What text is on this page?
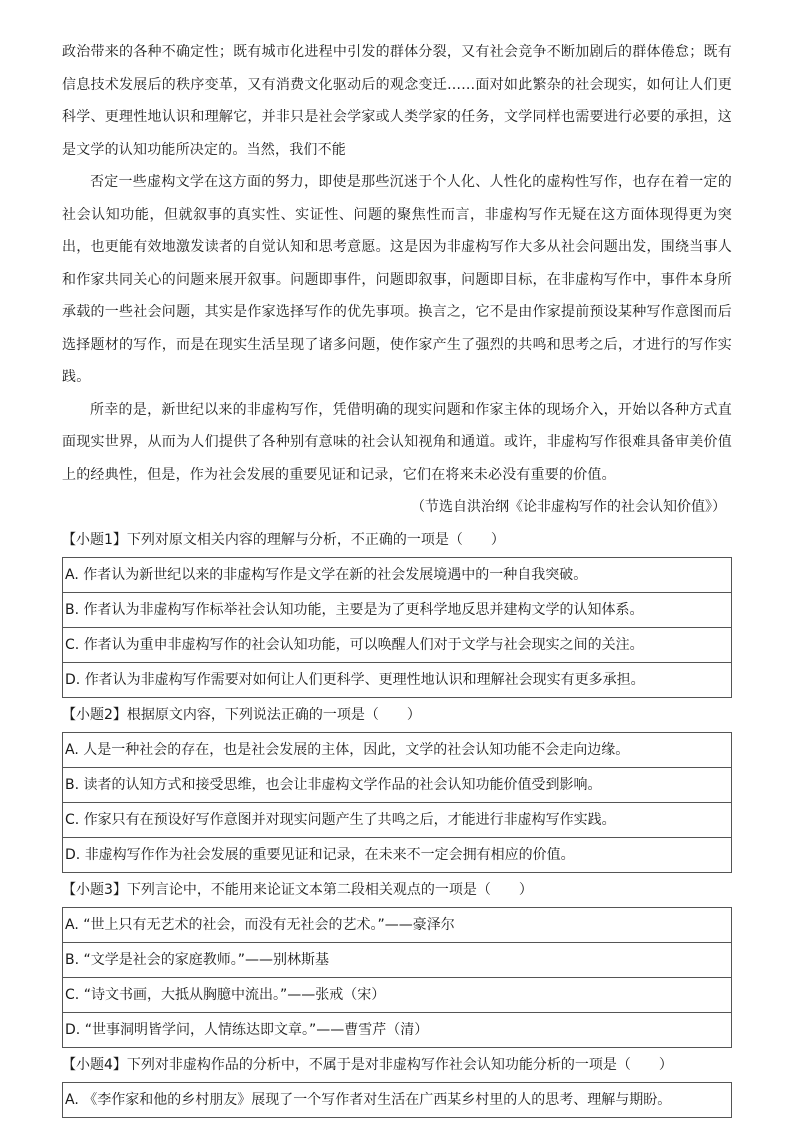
政治带来的各种不确定性；既有城市化进程中引发的群体分裂，又有社会竞争不断加剧后的群体倦怠；既有信息技术发展后的秩序变革，又有消费文化驱动后的观念变迁……面对如此繁杂的社会现实，如何让人们更科学、更理性地认识和理解它，并非只是社会学家或人类学家的任务，文学同样也需要进行必要的承担，这是文学的认知功能所决定的。当然，我们不能

否定一些虚构文学在这方面的努力，即使是那些沉迷于个人化、人性化的虚构性写作，也存在着一定的社会认知功能，但就叙事的真实性、实证性、问题的聚焦性而言，非虚构写作无疑在这方面体现得更为突出，也更能有效地激发读者的自觉认知和思考意愿。这是因为非虚构写作大多从社会问题出发，围绕当事人和作家共同关心的问题来展开叙事。问题即事件，问题即叙事，问题即目标，在非虚构写作中，事件本身所承载的一些社会问题，其实是作家选择写作的优先事项。换言之，它不是由作家提前预设某种写作意图而后选择题材的写作，而是在现实生活呈现了诸多问题，使作家产生了强烈的共鸣和思考之后，才进行的写作实践。

所幸的是，新世纪以来的非虚构写作，凭借明确的现实问题和作家主体的现场介入，开始以各种方式直面现实世界，从而为人们提供了各种别有意味的社会认知视角和通道。或许，非虚构写作很难具备审美价值上的经典性，但是，作为社会发展的重要见证和记录，它们在将来未必没有重要的价值。

（节选自洪治纲《论非虚构写作的社会认知价值》）

【小题1】下列对原文相关内容的理解与分析，不正确的一项是（　　）

A. 作者认为新世纪以来的非虚构写作是文学在新的社会发展境遇中的一种自我突破。
B. 作者认为非虚构写作标举社会认知功能，主要是为了更科学地反思并建构文学的认知体系。
C. 作者认为重申非虚构写作的社会认知功能，可以唤醒人们对于文学与社会现实之间的关注。
D. 作者认为非虚构写作需要对如何让人们更科学、更理性地认识和理解社会现实有更多承担。

【小题2】根据原文内容，下列说法正确的一项是（　　）

A. 人是一种社会的存在，也是社会发展的主体，因此，文学的社会认知功能不会走向边缘。
B. 读者的认知方式和接受思维，也会让非虚构文学作品的社会认知功能价值受到影响。
C. 作家只有在预设好写作意图并对现实问题产生了共鸣之后，才能进行非虚构写作实践。
D. 非虚构写作作为社会发展的重要见证和记录，在未来不一定会拥有相应的价值。

【小题3】下列言论中，不能用来论证文本第二段相关观点的一项是（　　）

A. “世上只有无艺术的社会，而没有无社会的艺术。”——豪泽尔
B. “文学是社会的家庭教师。”——别林斯基
C. “诗文书画，大抵从胸臆中流出。”——张戒（宋）
D. “世事洞明皆学问，人情练达即文章。”——曹雪芹（清）

【小题4】下列对非虚构作品的分析中，不属于是对非虚构写作社会认知功能分析的一项是（　　）

A. 《李作家和他的乡村朋友》展现了一个写作者对生活在广西某乡村里的人的思考、理解与期盼。
